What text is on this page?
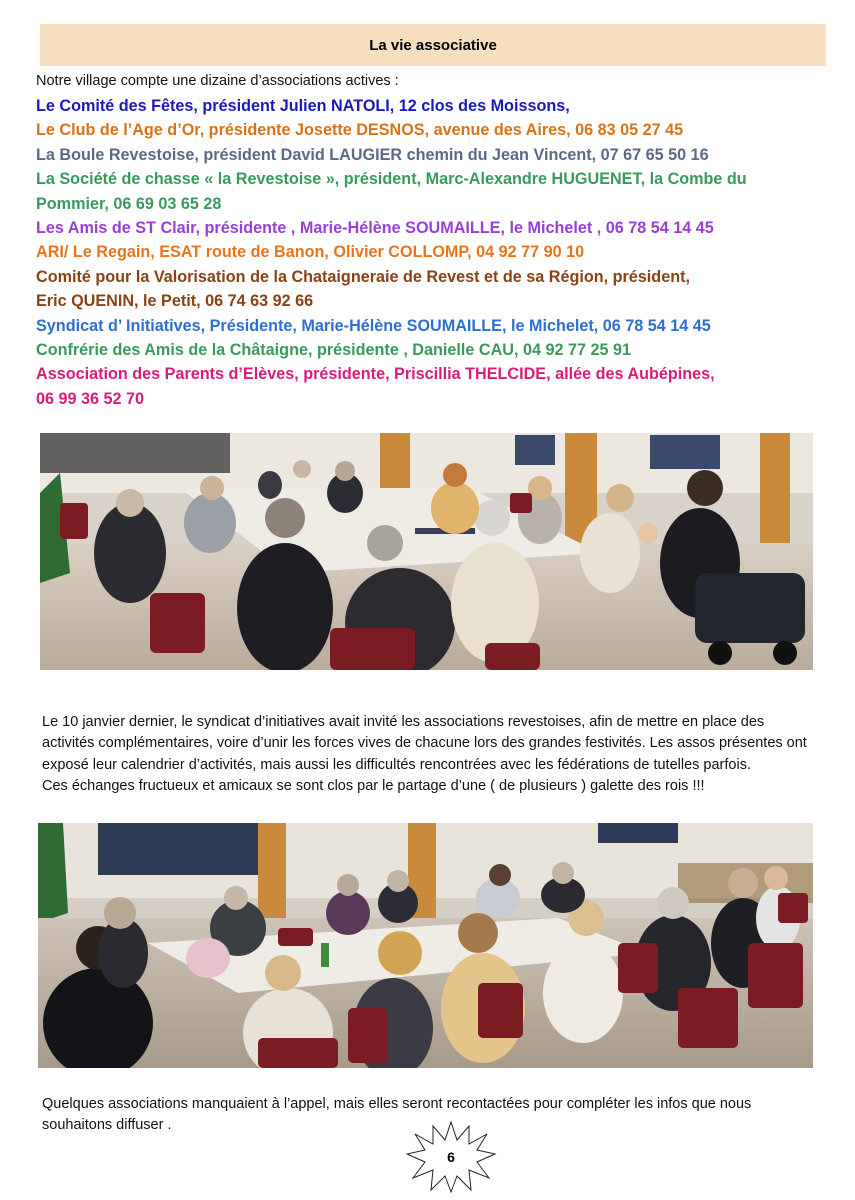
La vie associative
Notre village compte une dizaine d’associations actives :
Le Comité des Fêtes, président Julien NATOLI, 12 clos des Moissons,
Le Club de l’Age d’Or, présidente Josette DESNOS, avenue des Aires, 06 83 05 27 45
La Boule Revestoise, président David LAUGIER chemin du Jean Vincent, 07 67 65 50 16
La Société de chasse « la Revestoise », président, Marc-Alexandre HUGUENET, la Combe du
Pommier, 06 69 03 65 28
Les Amis de ST Clair, présidente , Marie-Hélène SOUMAILLE, le Michelet , 06 78 54 14 45
ARI/ Le Regain, ESAT route de Banon, Olivier COLLOMP, 04 92 77 90 10
Comité pour la Valorisation de la Chataigneraie de Revest et de sa Région, président,
Eric QUENIN, le Petit, 06 74 63 92 66
Syndicat d’ Initiatives, Présidente, Marie-Hélène SOUMAILLE, le Michelet, 06 78 54 14 45
Confrérie des Amis de la Châtaigne, présidente , Danielle CAU, 04 92 77 25 91
Association des Parents d’Elèves, présidente, Priscillia THELCIDE, allée des Aubépines,
06 99 36 52 70
Le 10 janvier dernier, le syndicat d’initiatives avait invité les associations revestoises, afin de mettre en place des activités complémentaires, voire d’unir les forces vives de chacune lors des grandes festivités. Les assos présentes ont exposé leur calendrier d’activités, mais aussi les difficultés rencontrées avec les fédérations de tutelles parfois.
Ces échanges fructueux et amicaux se sont clos par le partage d’une ( de plusieurs ) galette des rois !!!
Quelques associations manquaient à l’appel, mais elles seront recontactées pour compléter les infos que nous souhaitons diffuser .
6
